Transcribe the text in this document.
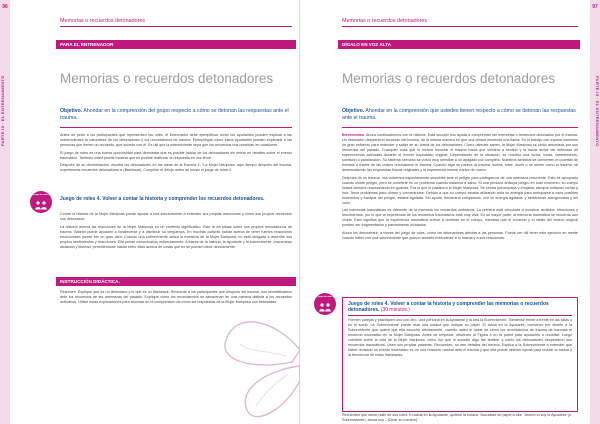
96
PARTE III · EL ENTRENAMIENTO
Memorias o recuerdos detonadores
PARA EL ENTRENADOR
Memorias o recuerdos detonadores
Objetivo. Ahondar en la comprensión del grupo respecto a cómo se detonan las respuestas ante el trauma.

Antes de pedir a los participantes que representen los roles, el Entrenador debe ejemplificar cómo los ayudantes pueden explicar a las sobrevivientes la naturaleza de los detonadores y los recordatorios de trauma. Ejemplifique cómo estos ayudantes pueden explicarle a las personas que tienen un recuerdo, qué sucede con él. Es útil que la sobreviviente sepa que los recuerdos nos reactivan en ocasiones.

El juego de roles es una buena oportunidad para demostrar que es posible hablar de los detonadores sin entrar en detalles sobre el evento traumático. También usted puede mostrar que es posible reafirmar la respuesta en voz firme.

Después de su demostración, escriba los detonadores en las ideas de la Escena 4: "La Mujer Mariposa, aquí tiempo después del trauma, experimenta recuerdos detonadores a (flashback). Complete el dibujo antes de iniciar el juego de roles 4.

juego de roles
Juego de roles 4. Volver a contar la historia y comprender los recuerdos detonadores.

Contar la historia de la Mujer Mariposa puede ayudar a una sobreviviente a entender sus propias reacciones y cómo sus propios recuerdos son detonados.

La historia acerca las reacciones de la Mujer Mariposa en un contexto significativo. Esto le da pistas sobre sus propios recordatorios de trauma. Sabrán puede ayudarle a fortalecerse y a disminuir su vergüenza. En muchas culturas hablar acerca de tener fuertes reacciones emocionales puede ser un gran tabú. Cuando una sobreviviente utiliza la metáfora de la Mujer Mariposa, no está obligada a describir sus propios sentimientos y reacciones. Ella puede comunicarlos indirectamente. A través de la historia, la ayudante y la sobreviviente, encuentran distancia y libertad, permitiéndose hablar entre ellas acerca de cosas que no se pueden decir directamente.

INSTRUCCIÓN DIDÁCTICA.

Resumen. Explique que es un detonador y lo que es un flashback. Recuerde a los participantes que después del trauma, nos sensibilizamos ante los recuerdos de las amenazas del pasado. Explique cómo los recordatorios se almacenan de una manera distinta a los recuerdos ordinarios. Utilice estas explicaciones para ahondar en la comprensión de cómo las respuestas de la Mujer Mariposa son detonadas.

97
PARTE III · EL ENTRENAMIENTO
Memorias o recuerdos detonadores
DÍGALO EN VOZ ALTA
Memorias o recuerdos detonadores
Objetivo. Ahondar en la comprensión que ustedes tienen respecto a cómo se detonan las respuestas ante el trauma.

Bienvenidos. Ahora continuaremos con la historia. Esta sección nos ayuda a comprender las memorias o recuerdos detonados por el trauma. Un detonador despierta el recuerdo del trauma, de la misma manera en que una chispa enciende una llama. En el trabajo con trauma hacemos un gran esfuerzo para entender y saber de su forma de los detonadores. Como ustedes saben, la Mujer Mariposa se sintió abrumada por sus recuerdos del pasado. Cualquier cosa que le hiciera recordar el trauma hacía que volviera a sentirlo y la hacía revivir las defensas de supervivencia activadas durante el evento traumático original. Dependiendo de la situación, se reactivó una lucha, huida, sometimiento, sumisión o paralización. Su sistema nervioso se volvió muy sensible a un apagado por completo. Nuestros sentidos se convierten en puertas de entrada a través de las cuales recordamos el trauma. Cuando algo se parece al trauma, suena, sabe, huele o se siente como el trauma, se desencadenan las respuestas físicas originales y la experiencia misma vuelve de nuevo.

Después de un trauma, nos volvemos especialmente sensibles ante el peligro para protegernos de una amenaza recurrente. Esto es apropiado cuando existe peligro, pero se convierte en un problema cuando estamos a salvo. Si una persona anticipa peligro en todo momento, su cuerpo estará siempre reaccionando en guardia. Era lo que le pasaba a la Mujer Mariposa. Se sentía preocupada y enojada, siempre evitando luchar y huir. Tenía problemas para dormir y concentrarse. Debido a que su cuerpo estaba utilizando toda su energía para anticiparse a esos posibles momentos y escapar del peligro, estaba agotada. Sin ayuda, terminaría colapsando, con su energía agotada, y sintiéndose avergonzada y sin valor.

Las memorias traumáticas es diferente de la memoria los recuerdos ordinarios. La primera está vinculada a nuestros sentidos, emociones y movimientos, por lo que la experiencia de los recuerdos traumáticos está muy viva. En su mayor parte, la memoria traumática se recuerda aún vívida. Esto significa que la experiencia traumática vuelve a revivirse en el cuerpo, mientras que el contexto y el relato del evento original pueden ser fragmentarios y parcialmente olvidados.

Ahora les demostraré, a través del juego de roles, cómo los detonadores afectan a las personas. Puede ser útil tener este ejercicio en mente cuando hable con una sobreviviente que quiera necesite entenderse a sí misma y a sus reacciones.

juego de roles
Juego de roles 4. Volver a contar la historia y comprender las memorias o recuerdos detonadores. (30 minutos.)

Formen parejas y practiquen uno con otro. Una persona en la Ayudante y la otra la Sobreviviente. Siéntense frente a frente en las sillas o en el suelo. La Sobreviviente puede usar una butaca que indique su papel. El actúa en la Ayudante, comience por decirle a la Sobreviviente que quiere que ella escuche atentamente, cuando usted le hable de cómo los recordatorios de trauma de traumas el recuerdo traumático en la Mujer Mariposa. Antes de empezar, observen la Figura 4 en la pared para ayudarles a recordar. Luego cuéntele sobre la vida de la Mujer Mariposa, cómo fue que le sucedió algo tan terrible, y cómo los detonadores despertaron sus recuerdos traumáticos. Usen sus propias palabras. Recuerden, no den detalles del trauma. Explica a la Sobreviviente a entender que haber revisado un evento traumático es un una reacción natural ante el trauma y que ella puede obtener ayuda para reducir la fuerza y la frecuencia de estos flashbacks.

Recuerden que deben salir de sus roles. El actúa en la Ayudante, quítese la butaca. Sacúdase su papel a ella: "Ahora no soy la Ayudante (o Sobreviviente), ahora soy... (Decir su nombre)".
